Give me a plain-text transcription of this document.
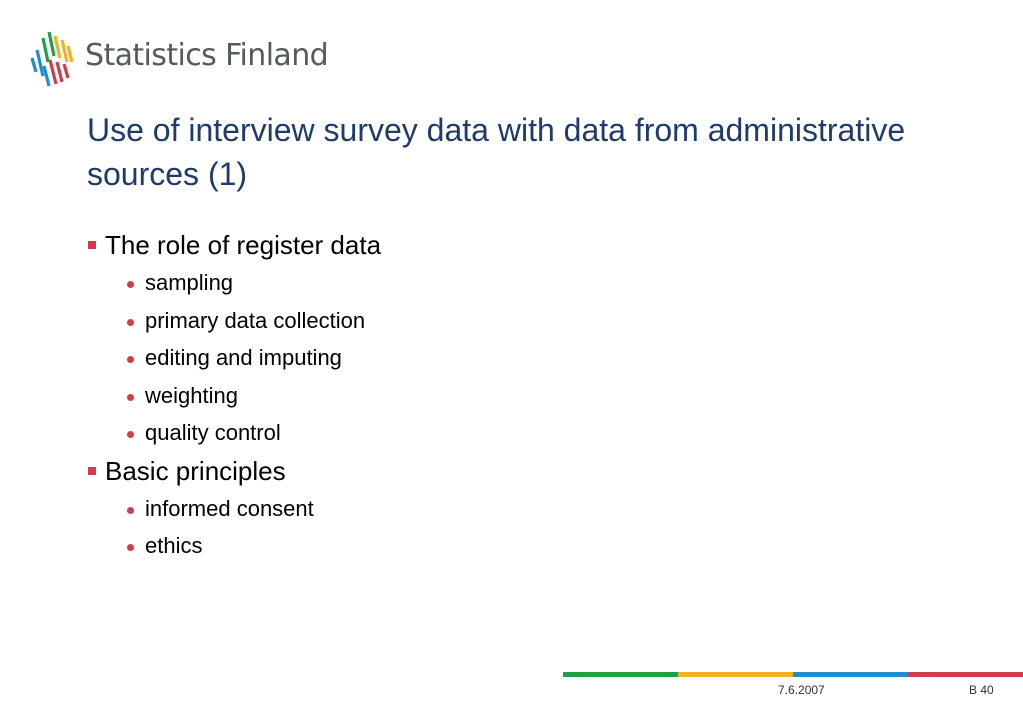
Statistics Finland
Use of interview survey data with data from administrative sources (1)
The role of register data
sampling
primary data collection
editing and imputing
weighting
quality control
Basic principles
informed consent
ethics
7.6.2007	B 40
